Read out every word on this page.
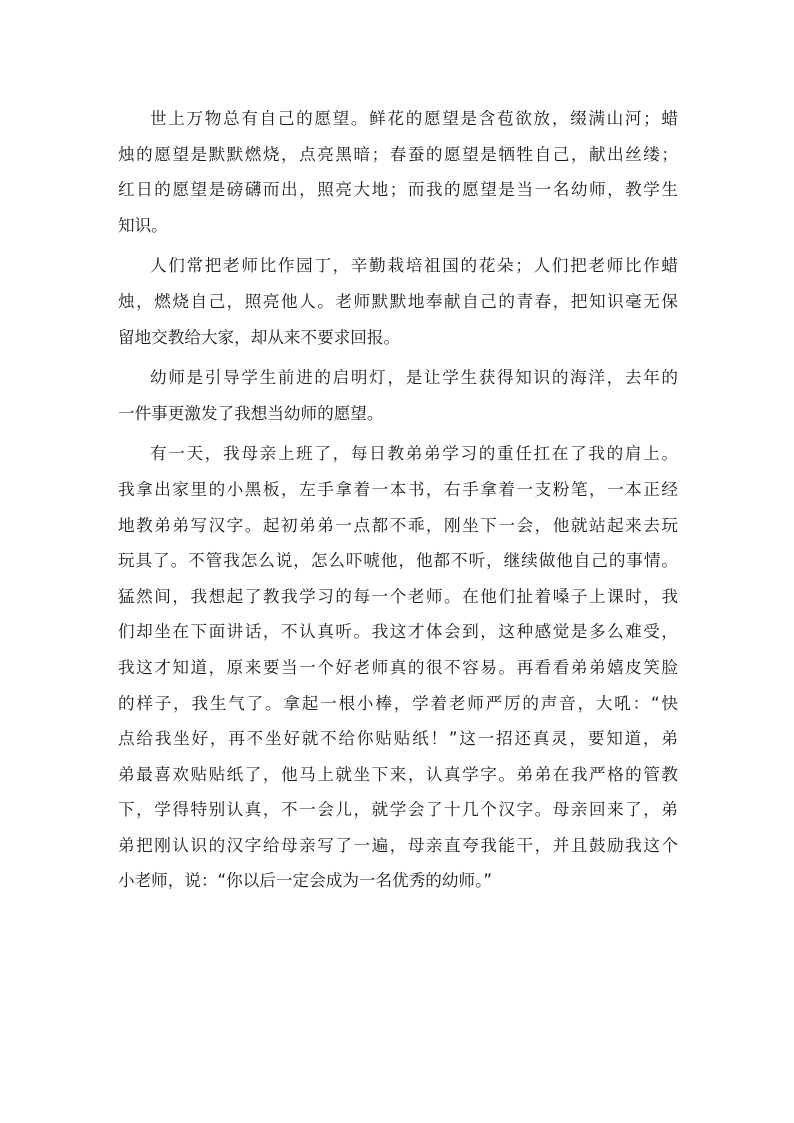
世上万物总有自己的愿望。鲜花的愿望是含苞欲放，缀满山河；蜡
烛的愿望是默默燃烧，点亮黑暗；春蚕的愿望是牺牲自己，献出丝缕；
红日的愿望是磅礴而出，照亮大地；而我的愿望是当一名幼师，教学生
知识。
人们常把老师比作园丁，辛勤栽培祖国的花朵；人们把老师比作蜡
烛，燃烧自己，照亮他人。老师默默地奉献自己的青春，把知识毫无保
留地交教给大家，却从来不要求回报。
幼师是引导学生前进的启明灯，是让学生获得知识的海洋，去年的
一件事更激发了我想当幼师的愿望。
有一天，我母亲上班了，每日教弟弟学习的重任扛在了我的肩上。
我拿出家里的小黑板，左手拿着一本书，右手拿着一支粉笔，一本正经
地教弟弟写汉字。起初弟弟一点都不乖，刚坐下一会，他就站起来去玩
玩具了。不管我怎么说，怎么吓唬他，他都不听，继续做他自己的事情。
猛然间，我想起了教我学习的每一个老师。在他们扯着嗓子上课时，我
们却坐在下面讲话，不认真听。我这才体会到，这种感觉是多么难受，
我这才知道，原来要当一个好老师真的很不容易。再看看弟弟嬉皮笑脸
的样子，我生气了。拿起一根小棒，学着老师严厉的声音，大吼：“快
点给我坐好，再不坐好就不给你贴贴纸！”这一招还真灵，要知道，弟
弟最喜欢贴贴纸了，他马上就坐下来，认真学字。弟弟在我严格的管教
下，学得特别认真，不一会儿，就学会了十几个汉字。母亲回来了，弟
弟把刚认识的汉字给母亲写了一遍，母亲直夸我能干，并且鼓励我这个
小老师，说：“你以后一定会成为一名优秀的幼师。”
